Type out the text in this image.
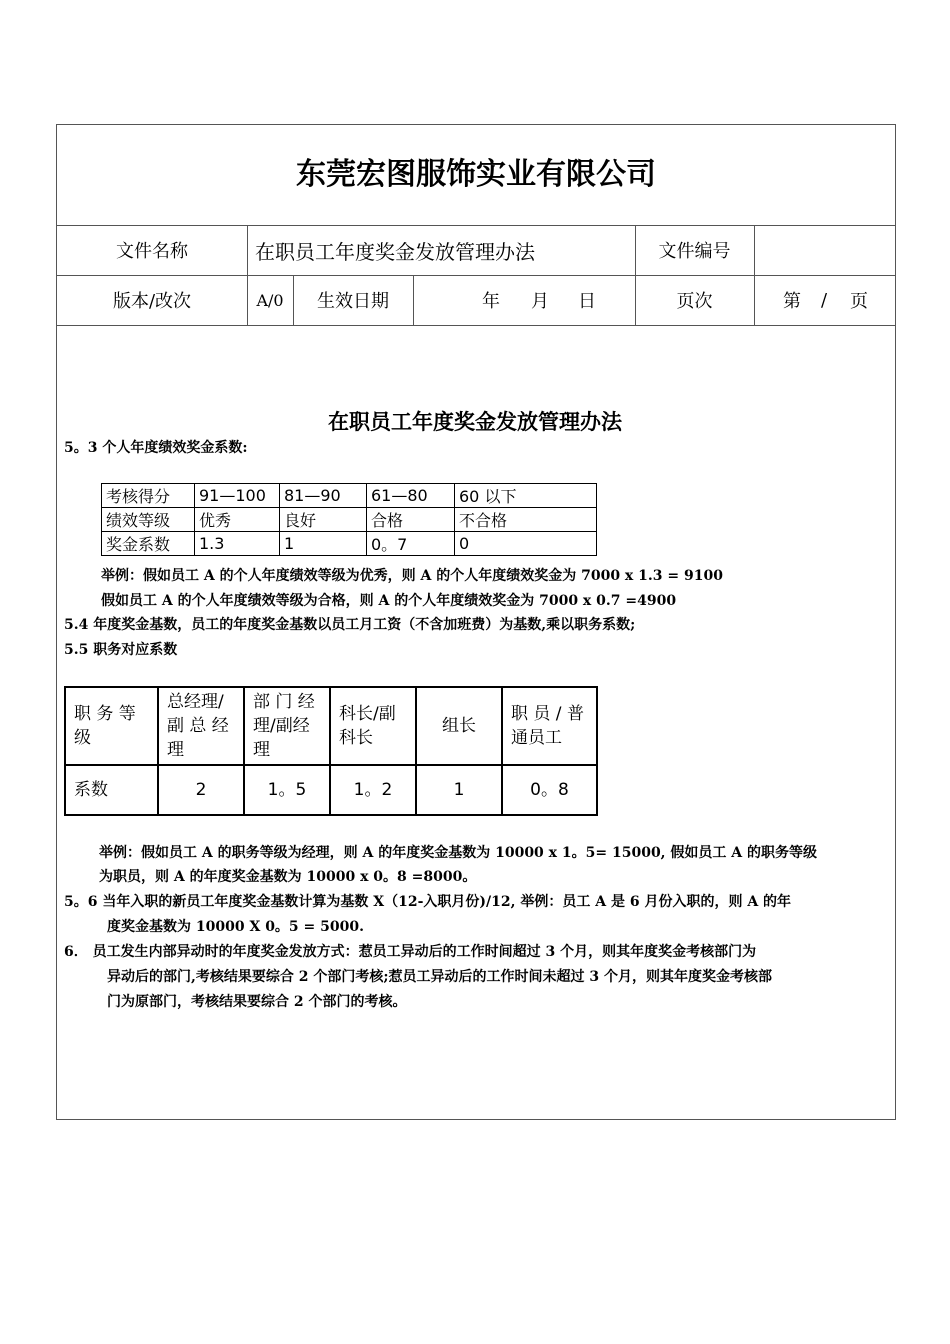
东莞宏图服饰实业有限公司
文件名称	在职员工年度奖金发放管理办法	文件编号
版本/改次	A/0	生效日期	年	月	日	页次	第	/	页
在职员工年度奖金发放管理办法
5。3 个人年度绩效奖金系数:
考核得分	91—100	81—90	61—80	60 以下
绩效等级	优秀	良好	合格	不合格
奖金系数	1.3	1	0。7	0
举例：假如员工 A 的个人年度绩效等级为优秀，则 A 的个人年度绩效奖金为 7000 x 1.3 = 9100
假如员工 A 的个人年度绩效等级为合格，则 A 的个人年度绩效奖金为 7000 x 0.7 =4900
5.4 年度奖金基数，员工的年度奖金基数以员工月工资（不含加班费）为基数,乘以职务系数;
5.5 职务对应系数
职 务 等 级	总经理/副 总 经 理	部 门 经 理/副经理	科长/副科长	组长	职 员 / 普 通员工
系数	2	1。5	1。2	1	0。8
举例：假如员工 A 的职务等级为经理，则 A 的年度奖金基数为 10000 x 1。5= 15000, 假如员工 A 的职务等级
为职员，则 A 的年度奖金基数为 10000 x 0。8 =8000。
5。6 当年入职的新员工年度奖金基数计算为基数 X（12-入职月份)/12, 举例：员工 A 是 6 月份入职的，则 A 的年
度奖金基数为 10000 X 0。5 = 5000.
6． 员工发生内部异动时的年度奖金发放方式：惹员工异动后的工作时间超过 3 个月，则其年度奖金考核部门为
异动后的部门,考核结果要综合 2 个部门考核;惹员工异动后的工作时间未超过 3 个月，则其年度奖金考核部
门为原部门，考核结果要综合 2 个部门的考核。
